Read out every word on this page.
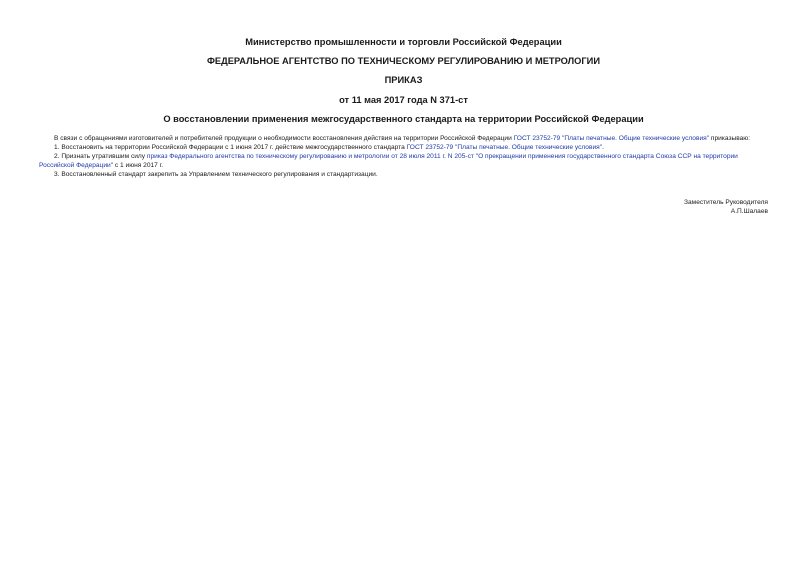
Министерство промышленности и торговли Российской Федерации
ФЕДЕРАЛЬНОЕ АГЕНТСТВО ПО ТЕХНИЧЕСКОМУ РЕГУЛИРОВАНИЮ И МЕТРОЛОГИИ
ПРИКАЗ
от 11 мая 2017 года N 371-ст
О восстановлении применения межгосударственного стандарта на территории Российской Федерации

В связи с обращениями изготовителей и потребителей продукции о необходимости восстановления действия на территории Российской Федерации ГОСТ 23752-79 "Платы печатные. Общие технические условия" приказываю:

1. Восстановить на территории Российской Федерации с 1 июня 2017 г. действие межгосударственного стандарта ГОСТ 23752-79 "Платы печатные. Общие технические условия".

2. Признать утратившим силу приказ Федерального агентства по техническому регулированию и метрологии от 28 июля 2011 г. N 205-ст "О прекращении применения государственного стандарта Союза ССР на территории Российской Федерации" с 1 июня 2017 г.

3. Восстановленный стандарт закрепить за Управлением технического регулирования и стандартизации.

Заместитель Руководителя
А.П.Шалаев
